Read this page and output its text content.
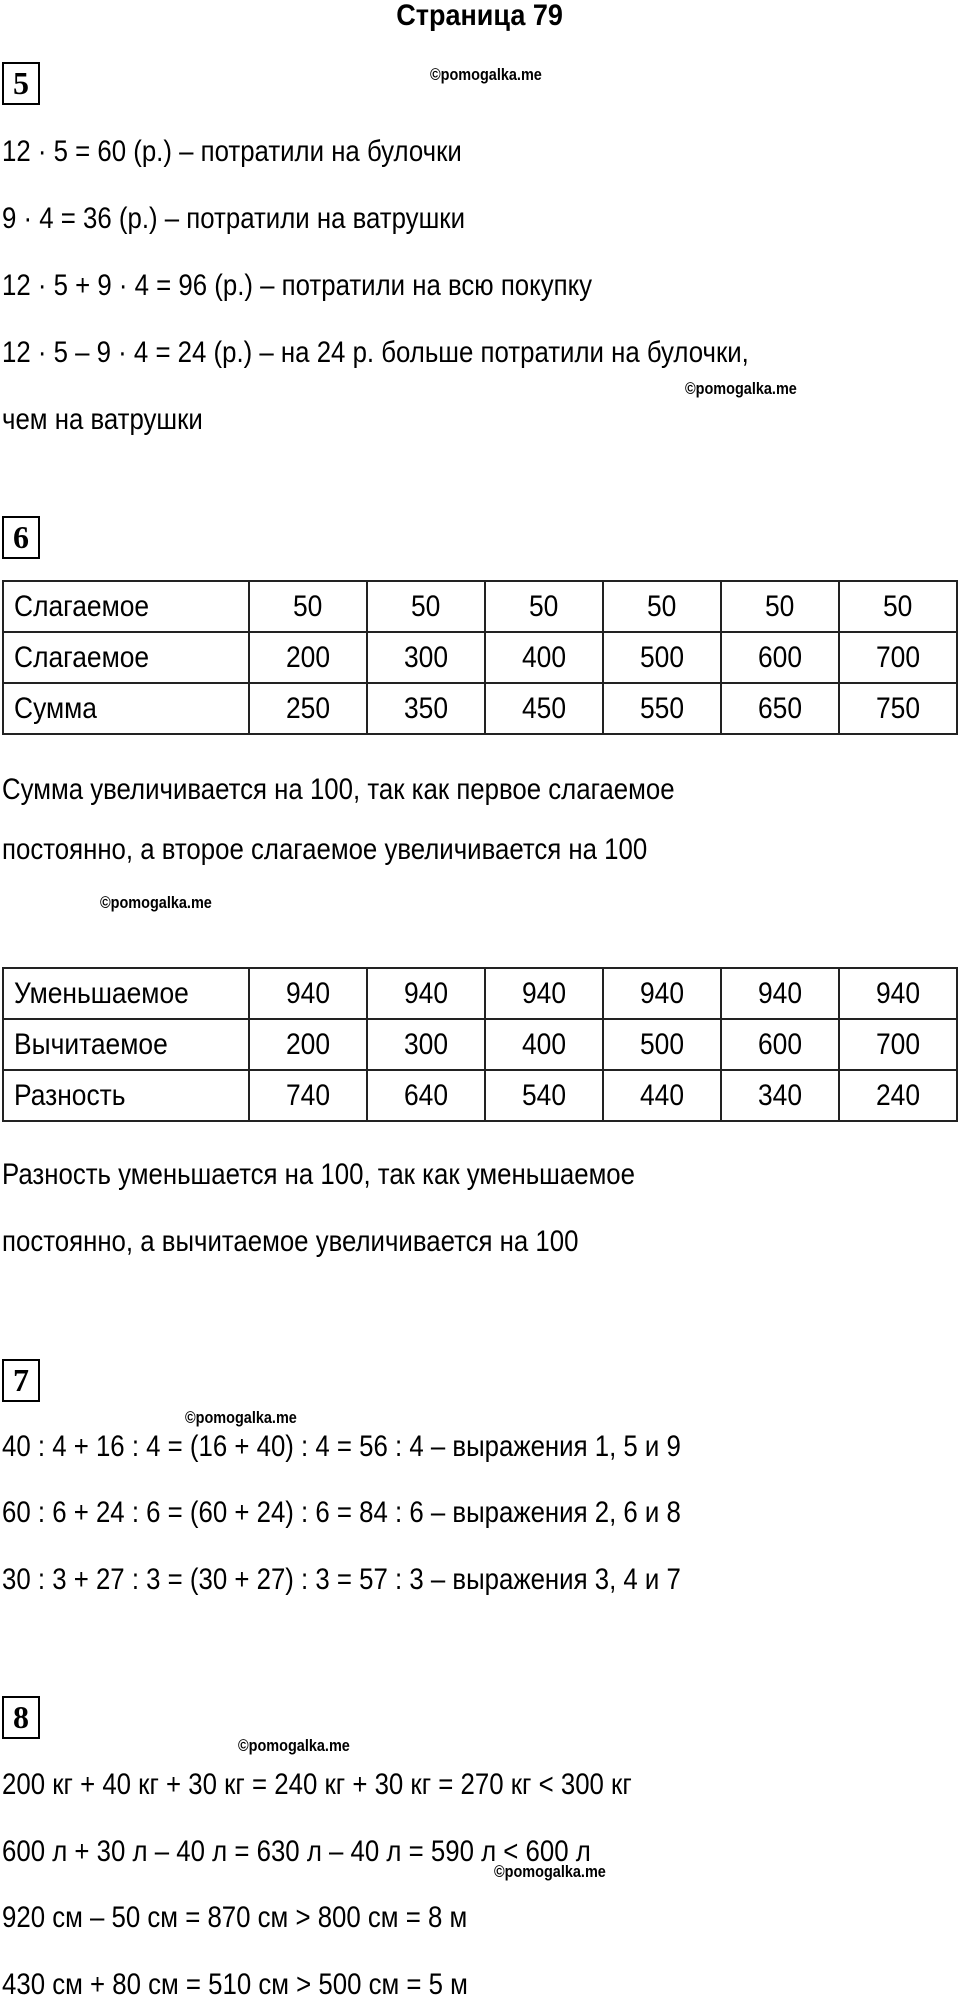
Страница 79
5	©pomogalka.me
12 · 5 = 60 (р.) – потратили на булочки
9 · 4 = 36 (р.) – потратили на ватрушки
12 · 5 + 9 · 4 = 96 (р.) – потратили на всю покупку
12 · 5 – 9 · 4 = 24 (р.) – на 24 р. больше потратили на булочки,
©pomogalka.me
чем на ватрушки
6
Слагаемое	50	50	50	50	50	50
Слагаемое	200	300	400	500	600	700
Сумма	250	350	450	550	650	750
Сумма увеличивается на 100, так как первое слагаемое
постоянно, а второе слагаемое увеличивается на 100
©pomogalka.me
Уменьшаемое	940	940	940	940	940	940
Вычитаемое	200	300	400	500	600	700
Разность	740	640	540	440	340	240
Разность уменьшается на 100, так как уменьшаемое
постоянно, а вычитаемое увеличивается на 100
7
©pomogalka.me
40 : 4 + 16 : 4 = (16 + 40) : 4 = 56 : 4 – выражения 1, 5 и 9
60 : 6 + 24 : 6 = (60 + 24) : 6 = 84 : 6 – выражения 2, 6 и 8
30 : 3 + 27 : 3 = (30 + 27) : 3 = 57 : 3 – выражения 3, 4 и 7
8
©pomogalka.me
200 кг + 40 кг + 30 кг = 240 кг + 30 кг = 270 кг < 300 кг
600 л + 30 л – 40 л = 630 л – 40 л = 590 л < 600 л
©pomogalka.me
920 см – 50 см = 870 см > 800 см = 8 м
430 см + 80 см = 510 см > 500 см = 5 м
